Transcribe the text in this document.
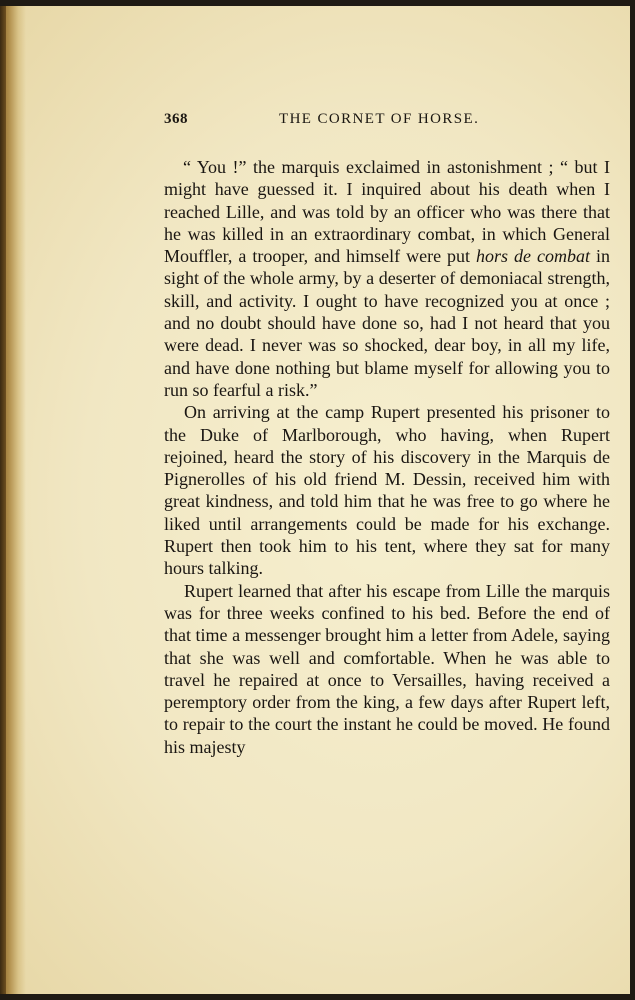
368	THE CORNET OF HORSE.

“ You !” the marquis exclaimed in astonishment ; “ but I might have guessed it. I inquired about his death when I reached Lille, and was told by an officer who was there that he was killed in an extraordinary combat, in which General Mouffler, a trooper, and himself were put hors de combat in sight of the whole army, by a deserter of demoniacal strength, skill, and activity. I ought to have recognized you at once ; and no doubt should have done so, had I not heard that you were dead. I never was so shocked, dear boy, in all my life, and have done nothing but blame myself for allowing you to run so fearful a risk.”

On arriving at the camp Rupert presented his prisoner to the Duke of Marlborough, who having, when Rupert rejoined, heard the story of his discovery in the Marquis de Pignerolles of his old friend M. Dessin, received him with great kindness, and told him that he was free to go where he liked until arrangements could be made for his exchange. Rupert then took him to his tent, where they sat for many hours talking.

Rupert learned that after his escape from Lille the marquis was for three weeks confined to his bed. Before the end of that time a messenger brought him a letter from Adele, saying that she was well and comfortable. When he was able to travel he repaired at once to Versailles, having received a peremptory order from the king, a few days after Rupert left, to repair to the court the instant he could be moved. He found his majesty
